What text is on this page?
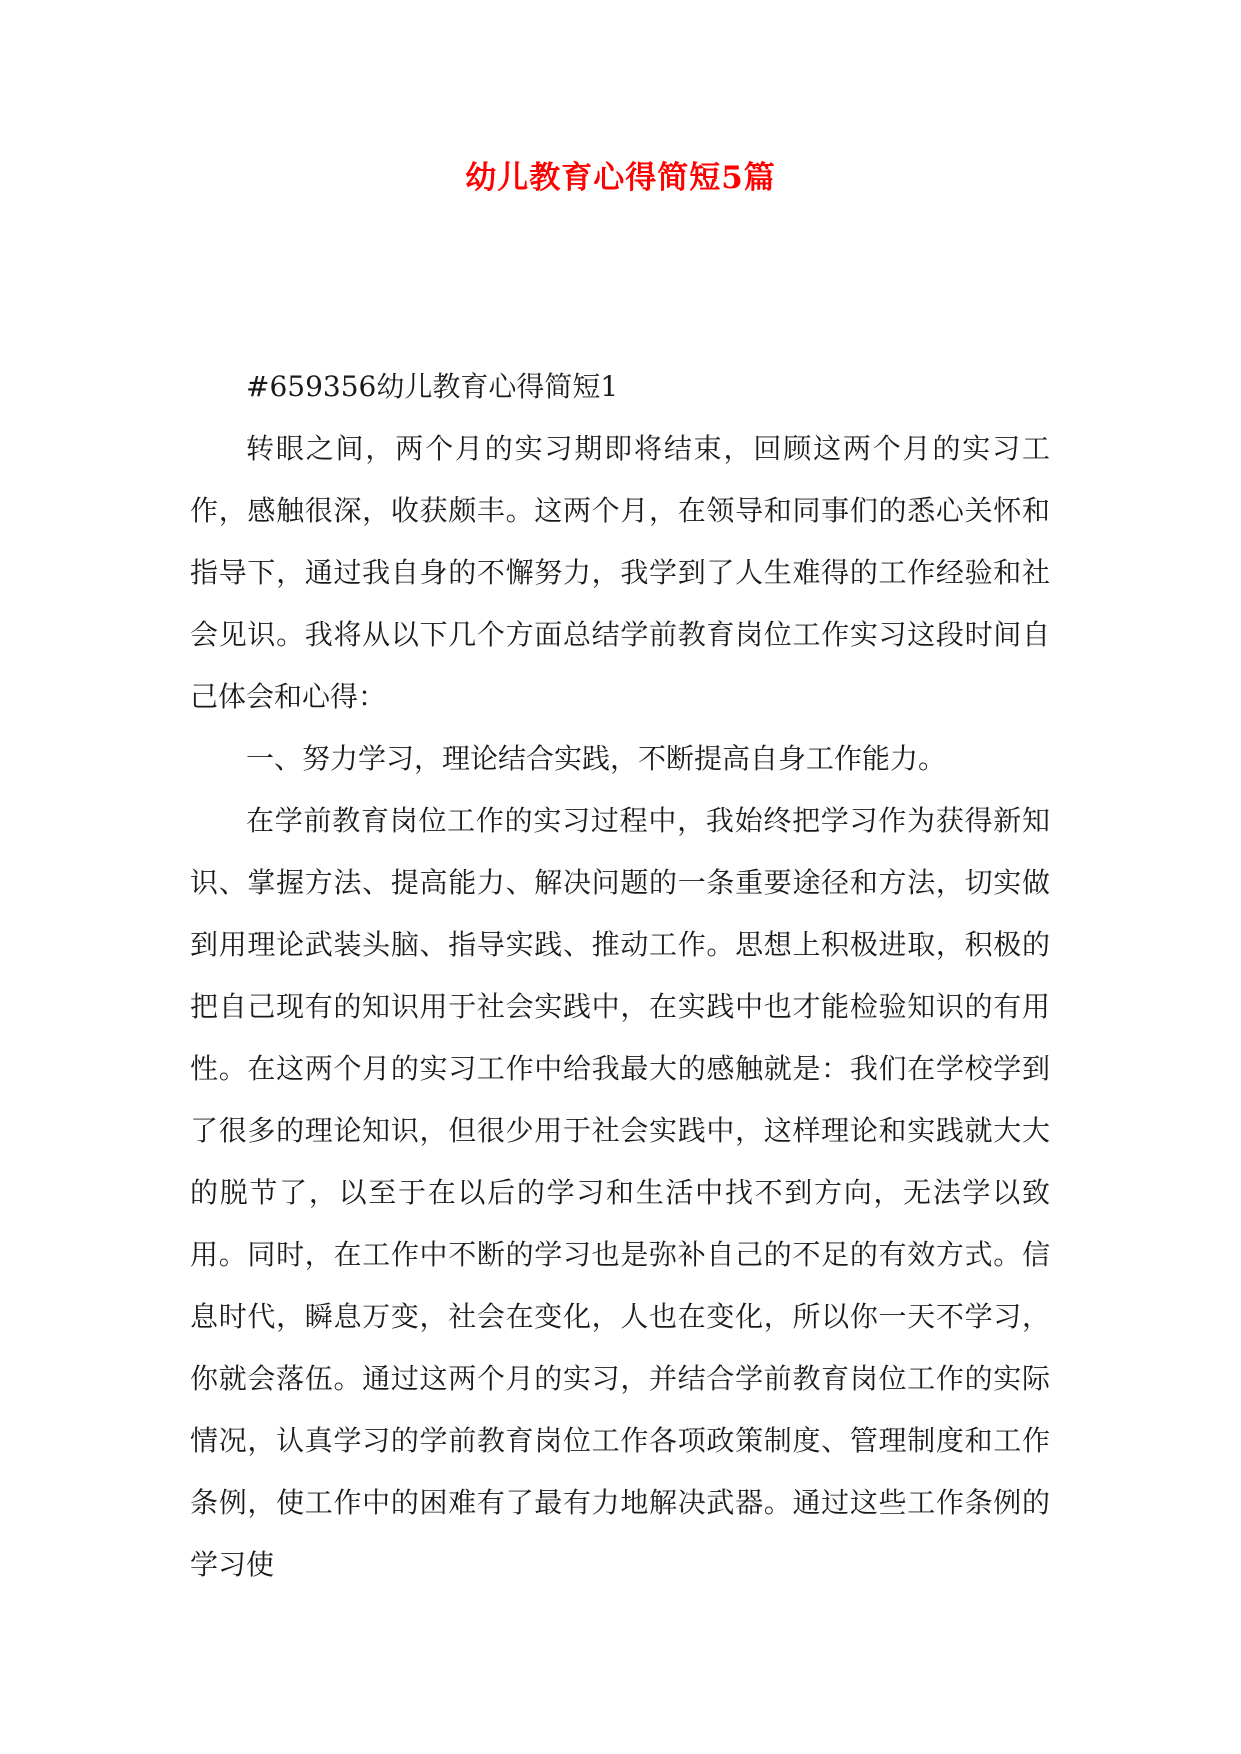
幼儿教育心得简短5篇

#659356幼儿教育心得简短1

转眼之间，两个月的实习期即将结束，回顾这两个月的实习工作，感触很深，收获颇丰。这两个月，在领导和同事们的悉心关怀和指导下，通过我自身的不懈努力，我学到了人生难得的工作经验和社会见识。我将从以下几个方面总结学前教育岗位工作实习这段时间自己体会和心得：

一、努力学习，理论结合实践，不断提高自身工作能力。

在学前教育岗位工作的实习过程中，我始终把学习作为获得新知识、掌握方法、提高能力、解决问题的一条重要途径和方法，切实做到用理论武装头脑、指导实践、推动工作。思想上积极进取，积极的把自己现有的知识用于社会实践中，在实践中也才能检验知识的有用性。在这两个月的实习工作中给我最大的感触就是：我们在学校学到了很多的理论知识，但很少用于社会实践中，这样理论和实践就大大的脱节了，以至于在以后的学习和生活中找不到方向，无法学以致用。同时，在工作中不断的学习也是弥补自己的不足的有效方式。信息时代，瞬息万变，社会在变化，人也在变化，所以你一天不学习，你就会落伍。通过这两个月的实习，并结合学前教育岗位工作的实际情况，认真学习的学前教育岗位工作各项政策制度、管理制度和工作条例，使工作中的困难有了最有力地解决武器。通过这些工作条例的学习使
